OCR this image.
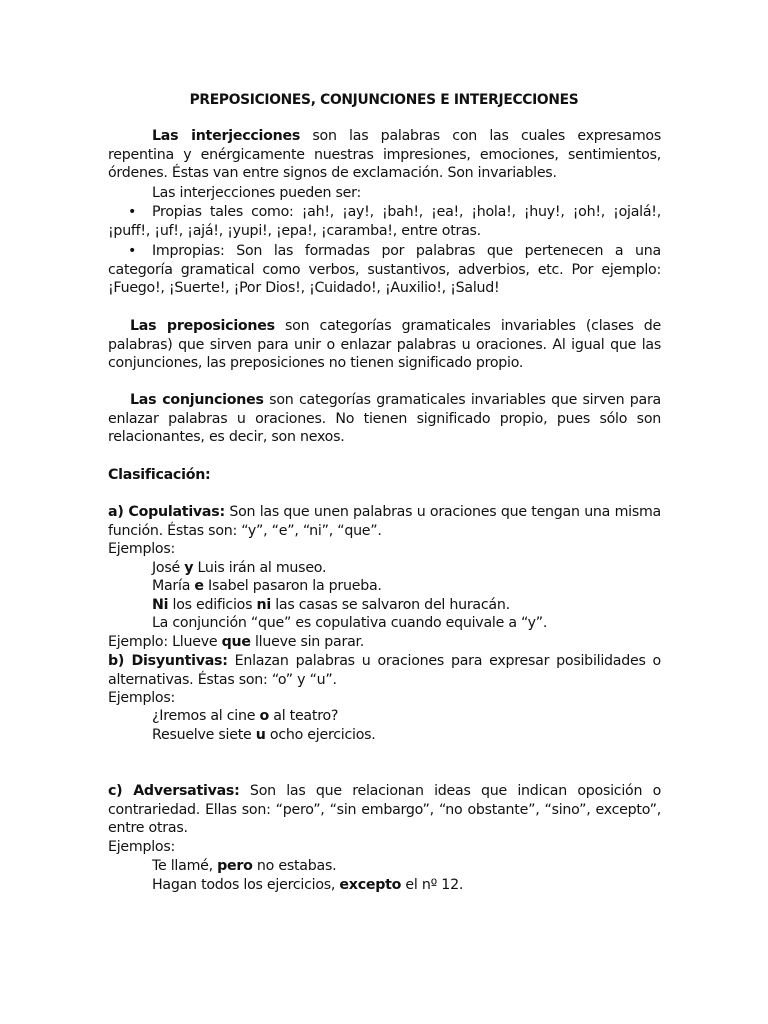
PREPOSICIONES, CONJUNCIONES E INTERJECCIONES

Las interjecciones son las palabras con las cuales expresamos repentina y enérgicamente nuestras impresiones, emociones, sentimientos, órdenes. Éstas van entre signos de exclamación. Son invariables.

Las interjecciones pueden ser:
•	Propias tales como: ¡ah!, ¡ay!, ¡bah!, ¡ea!, ¡hola!, ¡huy!, ¡oh!, ¡ojalá!, ¡puff!, ¡uf!, ¡ajá!, ¡yupi!, ¡epa!, ¡caramba!, entre otras.
•	Impropias: Son las formadas por palabras que pertenecen a una categoría gramatical como verbos, sustantivos, adverbios, etc. Por ejemplo: ¡Fuego!, ¡Suerte!, ¡Por Dios!, ¡Cuidado!, ¡Auxilio!, ¡Salud!

Las preposiciones son categorías gramaticales invariables (clases de palabras) que sirven para unir o enlazar palabras u oraciones. Al igual que las conjunciones, las preposiciones no tienen significado propio.

Las conjunciones son categorías gramaticales invariables que sirven para enlazar palabras u oraciones. No tienen significado propio, pues sólo son relacionantes, es decir, son nexos.

Clasificación:

a) Copulativas: Son las que unen palabras u oraciones que tengan una misma función. Éstas son: “y”, “e”, “ni”, “que”.

Ejemplos:
José y Luis irán al museo.
María e Isabel pasaron la prueba.
Ni los edificios ni las casas se salvaron del huracán.
La conjunción “que” es copulativa cuando equivale a “y”.
Ejemplo: Llueve que llueve sin parar.

b) Disyuntivas: Enlazan palabras u oraciones para expresar posibilidades o alternativas. Éstas son: “o” y “u”.

Ejemplos:
¿Iremos al cine o al teatro?
Resuelve siete u ocho ejercicios.

c) Adversativas: Son las que relacionan ideas que indican oposición o contrariedad. Ellas son: “pero”, “sin embargo”, “no obstante”, “sino”, excepto”, entre otras.

Ejemplos:
Te llamé, pero no estabas.
Hagan todos los ejercicios, excepto el nº 12.
